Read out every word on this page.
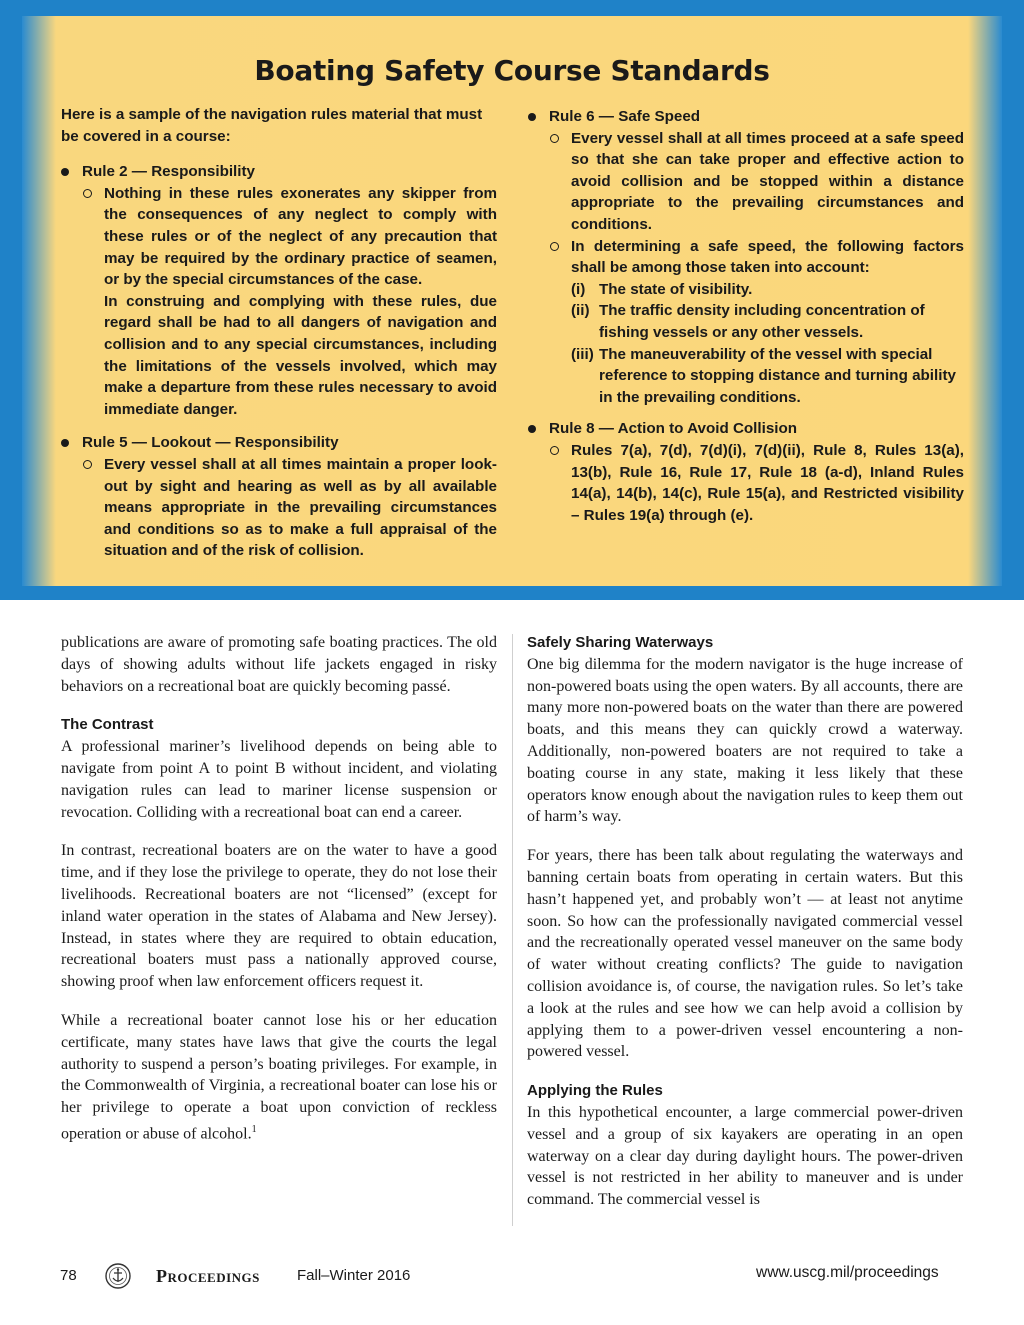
Boating Safety Course Standards

Here is a sample of the navigation rules material that must be covered in a course:

Rule 2 — Responsibility

Nothing in these rules exonerates any skipper from the consequences of any neglect to comply with these rules or of the neglect of any precaution that may be required by the ordinary practice of seamen, or by the special circumstances of the case.

In construing and complying with these rules, due regard shall be had to all dangers of navigation and collision and to any special circumstances, including the limitations of the vessels involved, which may make a departure from these rules necessary to avoid immediate danger.

Rule 5 — Lookout — Responsibility

Every vessel shall at all times maintain a proper look-out by sight and hearing as well as by all available means appropriate in the prevailing circumstances and conditions so as to make a full appraisal of the situation and of the risk of collision.

Rule 6 — Safe Speed

Every vessel shall at all times proceed at a safe speed so that she can take proper and effective action to avoid collision and be stopped within a distance appropriate to the prevailing circumstances and conditions.

In determining a safe speed, the following factors shall be among those taken into account:

(i) The state of visibility.
(ii) The traffic density including concentration of fishing vessels or any other vessels.
(iii) The maneuverability of the vessel with special reference to stopping distance and turning ability in the prevailing conditions.

Rule 8 — Action to Avoid Collision

Rules 7(a), 7(d), 7(d)(i), 7(d)(ii), Rule 8, Rules 13(a), 13(b), Rule 16, Rule 17, Rule 18 (a-d), Inland Rules 14(a), 14(b), 14(c), Rule 15(a), and Restricted visibility – Rules 19(a) through (e).

publications are aware of promoting safe boating practices. The old days of showing adults without life jackets engaged in risky behaviors on a recreational boat are quickly becoming passé.

The Contrast

A professional mariner’s livelihood depends on being able to navigate from point A to point B without incident, and violating navigation rules can lead to mariner license suspension or revocation. Colliding with a recreational boat can end a career.

In contrast, recreational boaters are on the water to have a good time, and if they lose the privilege to operate, they do not lose their livelihoods. Recreational boaters are not “licensed” (except for inland water operation in the states of Alabama and New Jersey). Instead, in states where they are required to obtain education, recreational boaters must pass a nationally approved course, showing proof when law enforcement officers request it.

While a recreational boater cannot lose his or her education certificate, many states have laws that give the courts the legal authority to suspend a person’s boating privileges. For example, in the Commonwealth of Virginia, a recreational boater can lose his or her privilege to operate a boat upon conviction of reckless operation or abuse of alcohol.$^1$

Safely Sharing Waterways

One big dilemma for the modern navigator is the huge increase of non-powered boats using the open waters. By all accounts, there are many more non-powered boats on the water than there are powered boats, and this means they can quickly crowd a waterway. Additionally, non-powered boaters are not required to take a boating course in any state, making it less likely that these operators know enough about the navigation rules to keep them out of harm’s way.

For years, there has been talk about regulating the waterways and banning certain boats from operating in certain waters. But this hasn’t happened yet, and probably won’t — at least not anytime soon. So how can the professionally navigated commercial vessel and the recreationally operated vessel maneuver on the same body of water without creating conflicts? The guide to navigation collision avoidance is, of course, the navigation rules. So let’s take a look at the rules and see how we can help avoid a collision by applying them to a power-driven vessel encountering a non-powered vessel.

Applying the Rules

In this hypothetical encounter, a large commercial power-driven vessel and a group of six kayakers are operating in an open waterway on a clear day during daylight hours. The power-driven vessel is not restricted in her ability to maneuver and is under command. The commercial vessel is

78	Proceedings Fall–Winter 2016	www.uscg.mil/proceedings
